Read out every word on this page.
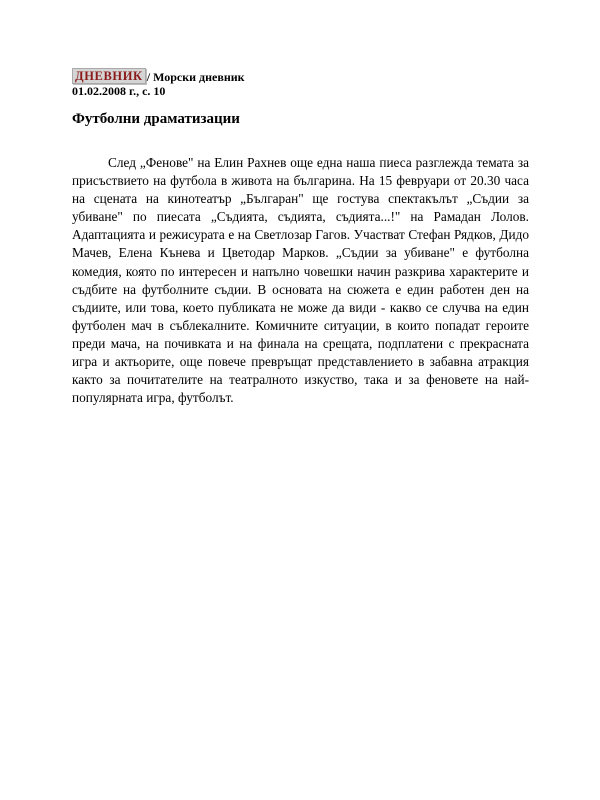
ДНЕВНИК / Морски дневник
01.02.2008 г., с. 10
Футболни драматизации

След „Фенове" на Елин Рахнев още една наша пиеса разглежда темата за присъствието на футбола в живота на българина. На 15 февруари от 20.30 часа на сцената на кинотеатър „Българан" ще гостува спектакълът „Съдии за убиване" по пиесата „Съдията, съдията, съдията...!" на Рамадан Лолов. Адаптацията и режисурата е на Светлозар Гагов. Участват Стефан Рядков, Дидо Мачев, Елена Кънева и Цветодар Марков. „Съдии за убиване" е футболна комедия, която по интересен и напълно човешки начин разкрива характерите и съдбите на футболните съдии. В основата на сюжета е един работен ден на съдиите, или това, което публиката не може да види - какво се случва на един футболен мач в съблекалните. Комичните ситуации, в които попадат героите преди мача, на почивката и на финала на срещата, подплатени с прекрасната игра и актьорите, още повече превръщат представлението в забавна атракция както за почитателите на театралното изкуство, така и за феновете на най-популярната игра, футболът.
